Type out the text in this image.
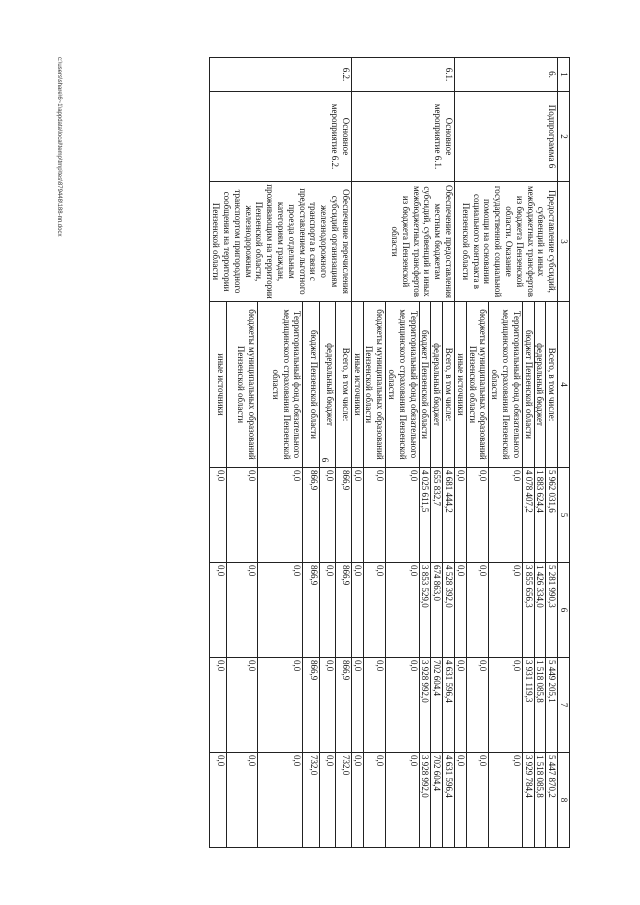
6
1	2	3	4	5	6	7	8
6.	Подпрограмма 6	Предоставление субсидий, субвенций и иных межбюджетных трансфертов из бюджета Пензенской области. Оказание государственной социальной помощи на основании социального контракта в Пензенской области	Всего, в том числе:	5 962 031,6	5 281 990,3	5 449 205,1	5 447 870,2
			федеральный бюджет	1 883 624,4	1 426 334,0	1 518 085,8	1 518 085,8
			бюджет Пензенской области	4 078 407,2	3 855 656,3	3 931 119,3	3 929 784,4
			Территориальный фонд обязательного медицинского страхования Пензенской области	0,0	0,0	0,0	0,0
			бюджеты муниципальных образований Пензенской области	0,0	0,0	0,0	0,0
			иные источники	0,0	0,0	0,0	0,0
6.1.	Основное мероприятие 6.1.	Обеспечение предоставления местным бюджетам субсидий, субвенций и иных межбюджетных трансфертов из бюджета Пензенской области	Всего, в том числе:	4 681 444,2	4 528 392,0	4 631 596,4	4 631 596,4
			федеральный бюджет	655 832,7	674 863,0	702 604,4	702 604,4
			бюджет Пензенской области	4 025 611,5	3 853 529,0	3 928 992,0	3 928 992,0
			Территориальный фонд обязательного медицинского страхования Пензенской области	0,0	0,0	0,0	0,0
			бюджеты муниципальных образований Пензенской области	0,0	0,0	0,0	0,0
			иные источники	0,0	0,0	0,0	0,0
6.2.	Основное мероприятие 6.2.	Обеспечение перечисления субсидий организациям железнодорожного транспорта в связи с предоставлением льготного проезда отдельным категориям граждан, проживающим на территории Пензенской области, железнодорожным транспортом пригородного сообщения на территории Пензенской области	Всего, в том числе:	866,9	866,9	866,9	732,0
			федеральный бюджет	0,0	0,0	0,0	0,0
			бюджет Пензенской области	866,9	866,9	866,9	732,0
			Территориальный фонд обязательного медицинского страхования Пензенской области	0,0	0,0	0,0	0,0
			бюджеты муниципальных образований Пензенской области	0,0	0,0	0,0	0,0
			иные источники	0,0	0,0	0,0	0,0
c:\users\share\6~1\appdata\local\temp\tmp\tes\879448\188-пп.docx
